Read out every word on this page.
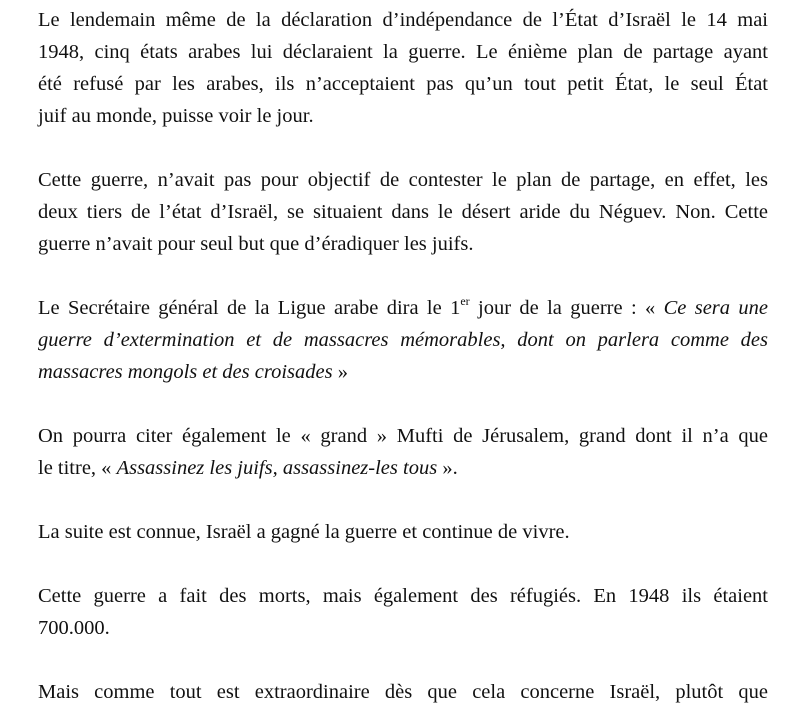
Le lendemain même de la déclaration d’indépendance de l’État d’Israël le 14 mai
1948, cinq états arabes lui déclaraient la guerre. Le énième plan de partage ayant
été refusé par les arabes, ils n’acceptaient pas qu’un tout petit État, le seul État
juif au monde, puisse voir le jour.
Cette guerre, n’avait pas pour objectif de contester le plan de partage, en effet, les
deux tiers de l’état d’Israël, se situaient dans le désert aride du Néguev. Non. Cette
guerre n’avait pour seul but que d’éradiquer les juifs.
Le Secrétaire général de la Ligue arabe dira le 1er jour de la guerre : « Ce sera une
guerre d’extermination et de massacres mémorables, dont on parlera comme des
massacres mongols et des croisades »
On pourra citer également le « grand » Mufti de Jérusalem, grand dont il n’a que
le titre, « Assassinez les juifs, assassinez-les tous ».
La suite est connue, Israël a gagné la guerre et continue de vivre.
Cette guerre a fait des morts, mais également des réfugiés. En 1948 ils étaient
700.000.
Mais comme tout est extraordinaire dès que cela concerne Israël, plutôt que
